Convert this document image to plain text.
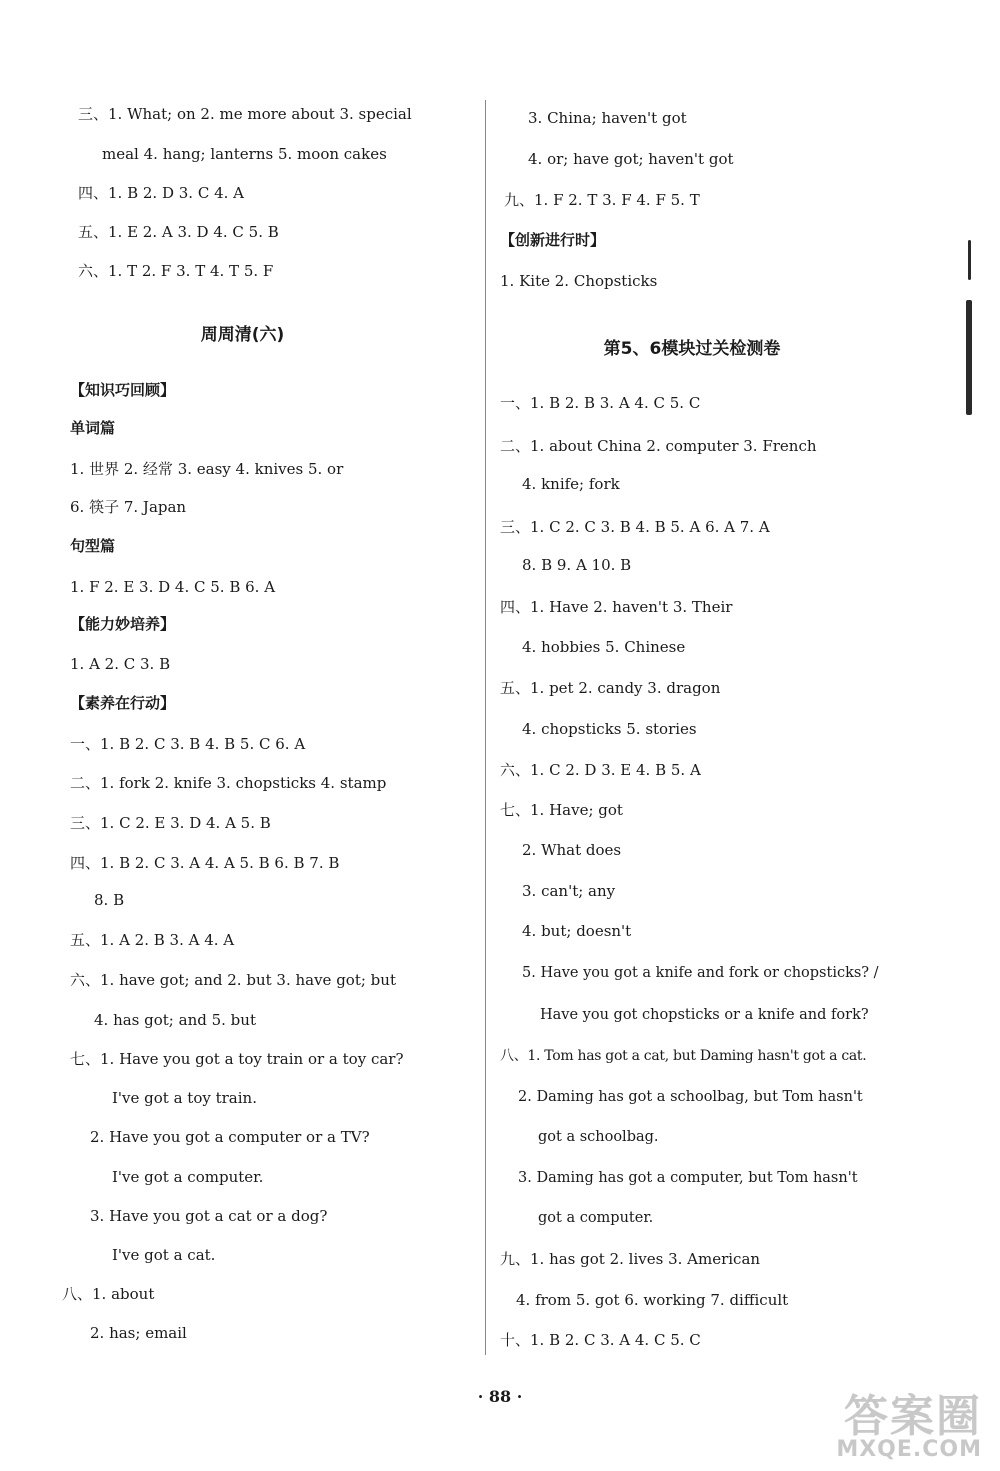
三、1. What; on 2. me more about 3. special
meal 4. hang; lanterns 5. moon cakes
四、1. B 2. D 3. C 4. A
五、1. E 2. A 3. D 4. C 5. B
六、1. T 2. F 3. T 4. T 5. F
周周清(六)
【知识巧回顾】
单词篇
1. 世界 2. 经常 3. easy 4. knives 5. or
6. 筷子 7. Japan
句型篇
1. F 2. E 3. D 4. C 5. B 6. A
【能力妙培养】
1. A 2. C 3. B
【素养在行动】
一、1. B 2. C 3. B 4. B 5. C 6. A
二、1. fork 2. knife 3. chopsticks 4. stamp
三、1. C 2. E 3. D 4. A 5. B
四、1. B 2. C 3. A 4. A 5. B 6. B 7. B
8. B
五、1. A 2. B 3. A 4. A
六、1. have got; and 2. but 3. have got; but
4. has got; and 5. but
七、1. Have you got a toy train or a toy car?
I've got a toy train.
2. Have you got a computer or a TV?
I've got a computer.
3. Have you got a cat or a dog?
I've got a cat.
八、1. about
2. has; email
3. China; haven't got
4. or; have got; haven't got
九、1. F 2. T 3. F 4. F 5. T
【创新进行时】
1. Kite 2. Chopsticks
第5、6模块过关检测卷
一、1. B 2. B 3. A 4. C 5. C
二、1. about China 2. computer 3. French
4. knife; fork
三、1. C 2. C 3. B 4. B 5. A 6. A 7. A
8. B 9. A 10. B
四、1. Have 2. haven't 3. Their
4. hobbies 5. Chinese
五、1. pet 2. candy 3. dragon
4. chopsticks 5. stories
六、1. C 2. D 3. E 4. B 5. A
七、1. Have; got
2. What does
3. can't; any
4. but; doesn't
5. Have you got a knife and fork or chopsticks? /
Have you got chopsticks or a knife and fork?
八、1. Tom has got a cat, but Daming hasn't got a cat.
2. Daming has got a schoolbag, but Tom hasn't
got a schoolbag.
3. Daming has got a computer, but Tom hasn't
got a computer.
九、1. has got 2. lives 3. American
4. from 5. got 6. working 7. difficult
十、1. B 2. C 3. A 4. C 5. C
· 88 ·	答案圈
MXQE.COM
